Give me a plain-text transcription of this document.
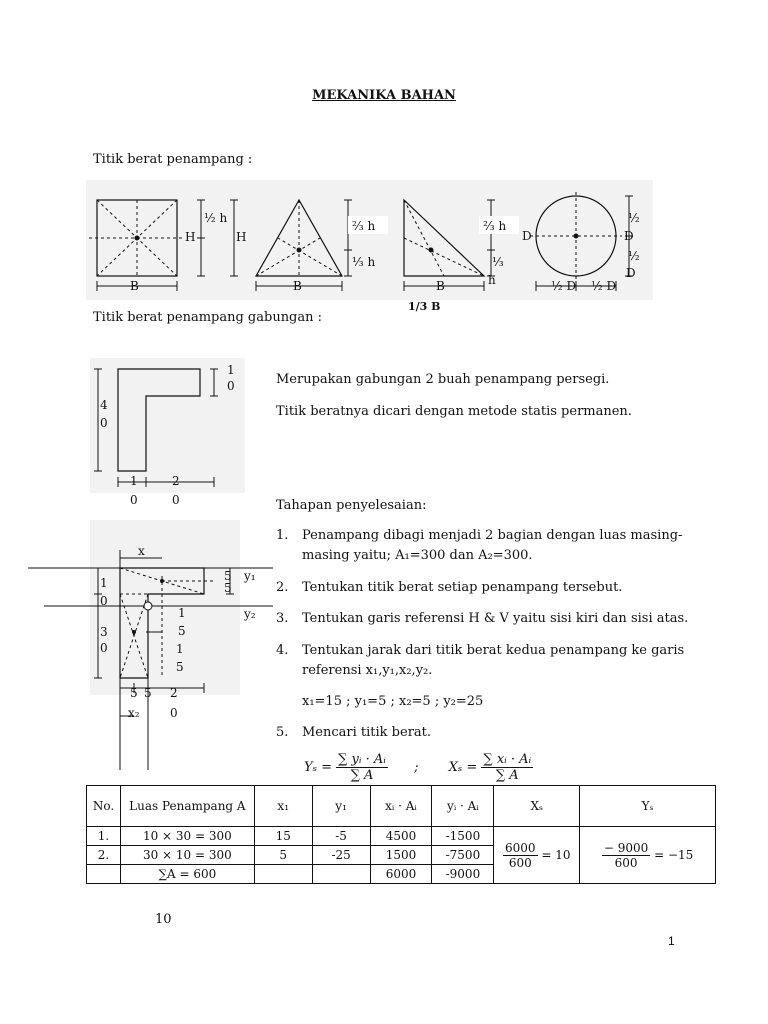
MEKANIKA BAHAN
Titik berat penampang :
B
H
½ h
H
B
⅔ h
⅓ h
B
⅔ h
⅓
h
1/3 B
D	D
½
½
D
½ D ½ D
Titik berat penampang gabungan :
4
0
1
0
1
0
2
0
Merupakan gabungan 2 buah penampang persegi.
Titik beratnya dicari dengan metode statis permanen.
Tahapan penyelesaian:
1. Penampang dibagi menjadi 2 bagian dengan luas masing-masing yaitu; A₁=300 dan A₂=300.
2. Tentukan titik berat setiap penampang tersebut.
3. Tentukan garis referensi H & V yaitu sisi kiri dan sisi atas.
4. Tentukan jarak dari titik berat kedua penampang ke garis referensi x₁,y₁,x₂,y₂.
x₁=15 ; y₁=5 ; x₂=5 ; y₂=25
5. Mencari titik berat.
$Y_s = \frac{\text{∑ yᵢ · Aᵢ}}{\sum A}$ ; $X_s = \frac{\text{∑ xᵢ · Aᵢ}}{\sum A}$
x
y₁
y₂
x₂
5
5
1
0
3
0
1
5
1
5
5 5 2
0
No.	Luas Penampang A	x₁	y₁	xᵢ · Aᵢ	yᵢ · Aᵢ	Xₛ	Yₛ
1.	10 × 30 = 300	15	-5	4500	-1500	$\frac{6000}{600} = 10$	$\frac{- 9000}{600} = -15$
2.	30 × 10 = 300	5	-25	1500	-7500		
	∑A = 600			6000	-9000		
10
1
